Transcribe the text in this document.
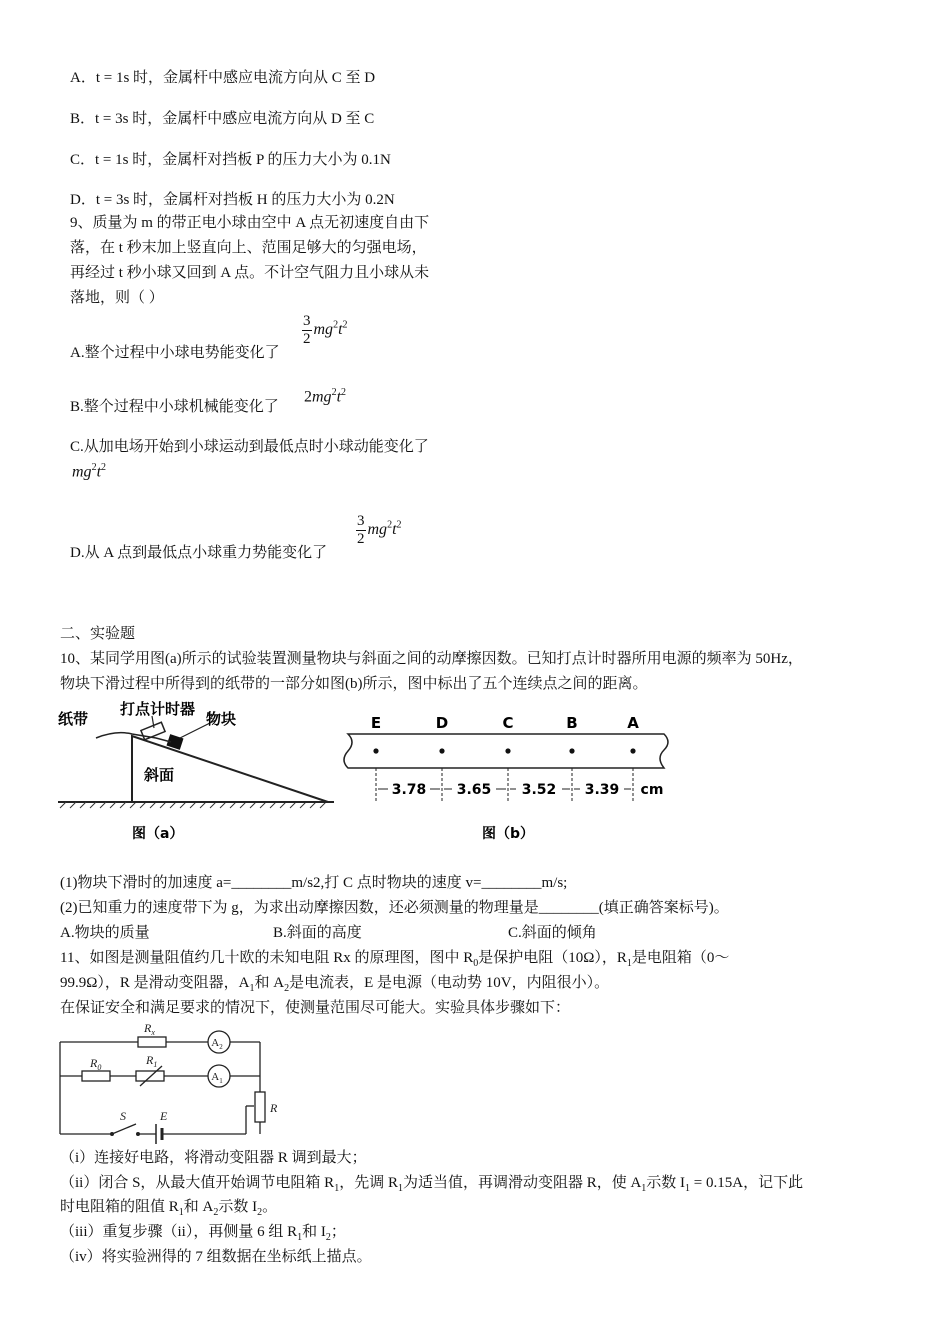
A．t = 1s 时，金属杆中感应电流方向从 C 至 D
B．t = 3s 时，金属杆中感应电流方向从 D 至 C
C．t = 1s 时，金属杆对挡板 P 的压力大小为 0.1N
D．t = 3s 时，金属杆对挡板 H 的压力大小为 0.2N
9、质量为 m 的带正电小球由空中 A 点无初速度自由下
落，在 t 秒末加上竖直向上、范围足够大的匀强电场，
再经过 t 秒小球又回到 A 点。不计空气阻力且小球从未
落地，则（ ）
A.整个过程中小球电势能变化了
$\frac{3}{2} mg^2t^2$
B.整个过程中小球机械能变化了
$2mg^2t^2$
C.从加电场开始到小球运动到最低点时小球动能变化了
$mg^2t^2$
D.从 A 点到最低点小球重力势能变化了
$\frac{3}{2} mg^2t^2$
二、实验题
10、某同学用图(a)所示的试验装置测量物块与斜面之间的动摩擦因数。已知打点计时器所用电源的频率为 50Hz，
物块下滑过程中所得到的纸带的一部分如图(b)所示，图中标出了五个连续点之间的距离。
纸带
打点计时器
物块
斜面
图（a）
E	D	C	B	A
3.78 3.65 3.52 3.39 cm
图（b）
(1)物块下滑时的加速度 a=________m/s2,打 C 点时物块的速度 v=________m/s;
(2)已知重力的速度带下为 g，为求出动摩擦因数，还必须测量的物理量是________(填正确答案标号)。
A.物块的质量	B.斜面的高度	C.斜面的倾角
11、如图是测量阻值约几十欧的未知电阻 Rx 的原理图，图中 $R_0$是保护电阻（10Ω），$R_1$是电阻箱（0～
99.9Ω），R 是滑动变阻器，$A_1$和 $A_2$是电流表，E 是电源（电动势 10V，内阻很小）。
在保证安全和满足要求的情况下，使测量范围尽可能大。实验具体步骤如下：
$R_x$
$R_0$
$R_1$
R
S	E
$A_2$
$A_1$
（i）连接好电路，将滑动变阻器 R 调到最大；
（ii）闭合 S，从最大值开始调节电阻箱 $R_1$，先调 $R_1$为适当值，再调滑动变阻器 R，使 $A_1$示数 $I_1 = 0.15A$，记下此
时电阻箱的阻值 $R_1$和 $A_2$示数 $I_2$。
（iii）重复步骤（ii），再侧量 6 组 $R_1$和 $I_2$；
（iv）将实验洲得的 7 组数据在坐标纸上描点。
